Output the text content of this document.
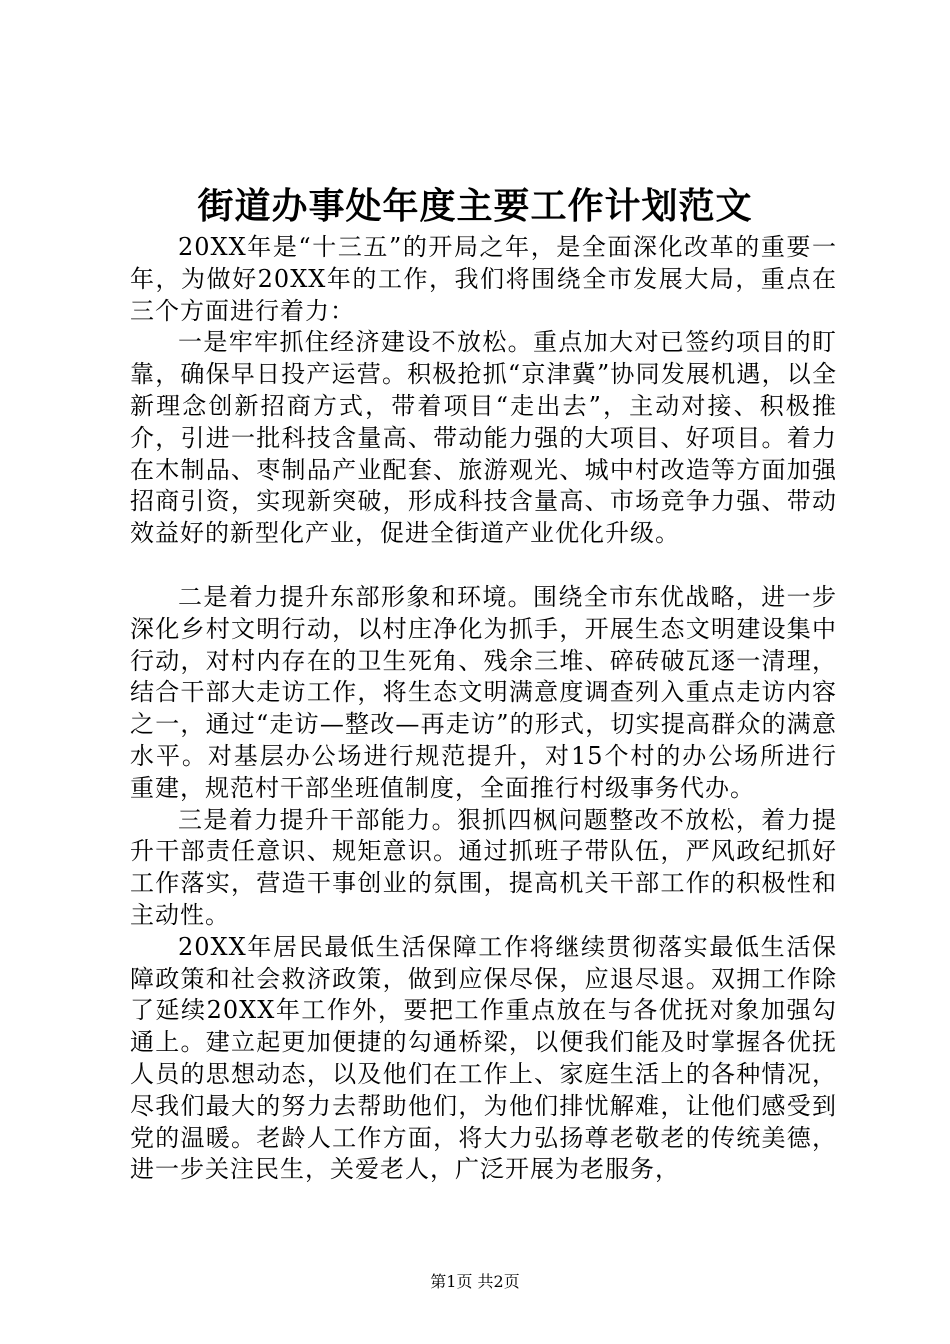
街道办事处年度主要工作计划范文

20XX年是“十三五”的开局之年，是全面深化改革的重要一年，为做好20XX年的工作，我们将围绕全市发展大局，重点在三个方面进行着力：

一是牢牢抓住经济建设不放松。重点加大对已签约项目的盯靠，确保早日投产运营。积极抢抓“京津冀”协同发展机遇，以全新理念创新招商方式，带着项目“走出去”，主动对接、积极推介，引进一批科技含量高、带动能力强的大项目、好项目。着力在木制品、枣制品产业配套、旅游观光、城中村改造等方面加强招商引资，实现新突破，形成科技含量高、市场竞争力强、带动效益好的新型化产业，促进全街道产业优化升级。

二是着力提升东部形象和环境。围绕全市东优战略，进一步深化乡村文明行动，以村庄净化为抓手，开展生态文明建设集中行动，对村内存在的卫生死角、残余三堆、碎砖破瓦逐一清理，结合干部大走访工作，将生态文明满意度调查列入重点走访内容之一，通过“走访—整改—再走访”的形式，切实提高群众的满意水平。对基层办公场进行规范提升，对15个村的办公场所进行重建，规范村干部坐班值制度，全面推行村级事务代办。

三是着力提升干部能力。狠抓四枫问题整改不放松，着力提升干部责任意识、规矩意识。通过抓班子带队伍，严风政纪抓好工作落实，营造干事创业的氛围，提高机关干部工作的积极性和主动性。

20XX年居民最低生活保障工作将继续贯彻落实最低生活保障政策和社会救济政策，做到应保尽保，应退尽退。双拥工作除了延续20XX年工作外，要把工作重点放在与各优抚对象加强勾通上。建立起更加便捷的勾通桥梁，以便我们能及时掌握各优抚人员的思想动态，以及他们在工作上、家庭生活上的各种情况，尽我们最大的努力去帮助他们，为他们排忧解难，让他们感受到党的温暖。老龄人工作方面，将大力弘扬尊老敬老的传统美德，进一步关注民生，关爱老人，广泛开展为老服务，

第1页 共2页
